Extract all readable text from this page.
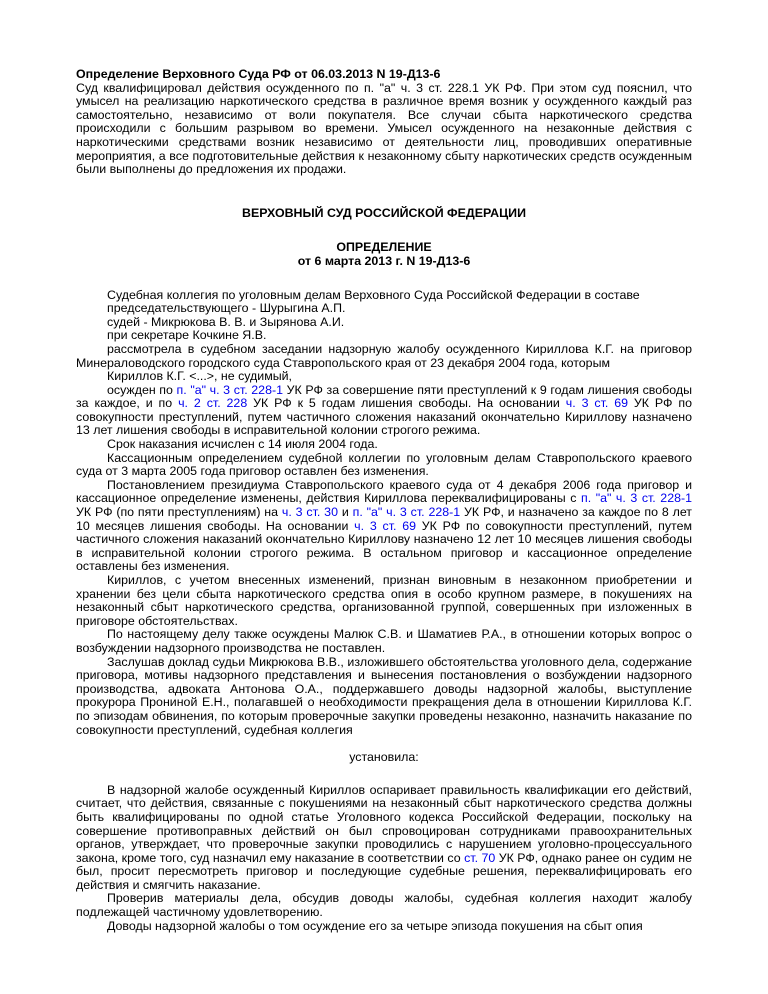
Определение Верховного Суда РФ от 06.03.2013 N 19-Д13-6

Суд квалифицировал действия осужденного по п. "а" ч. 3 ст. 228.1 УК РФ. При этом суд пояснил, что умысел на реализацию наркотического средства в различное время возник у осужденного каждый раз самостоятельно, независимо от воли покупателя. Все случаи сбыта наркотического средства происходили с большим разрывом во времени. Умысел осужденного на незаконные действия с наркотическими средствами возник независимо от деятельности лиц, проводивших оперативные мероприятия, а все подготовительные действия к незаконному сбыту наркотических средств осужденным были выполнены до предложения их продажи.

ВЕРХОВНЫЙ СУД РОССИЙСКОЙ ФЕДЕРАЦИИ

ОПРЕДЕЛЕНИЕ

от 6 марта 2013 г. N 19-Д13-6

Судебная коллегия по уголовным делам Верховного Суда Российской Федерации в составе

председательствующего - Шурыгина А.П.

судей - Микрюкова В. В. и Зырянова А.И.

при секретаре Кочкине Я.В.

рассмотрела в судебном заседании надзорную жалобу осужденного Кириллова К.Г. на приговор Минераловодского городского суда Ставропольского края от 23 декабря 2004 года, которым

Кириллов К.Г. <...>, не судимый,

осужден по п. "а" ч. 3 ст. 228-1 УК РФ за совершение пяти преступлений к 9 годам лишения свободы за каждое, и по ч. 2 ст. 228 УК РФ к 5 годам лишения свободы. На основании ч. 3 ст. 69 УК РФ по совокупности преступлений, путем частичного сложения наказаний окончательно Кириллову назначено 13 лет лишения свободы в исправительной колонии строгого режима.

Срок наказания исчислен с 14 июля 2004 года.

Кассационным определением судебной коллегии по уголовным делам Ставропольского краевого суда от 3 марта 2005 года приговор оставлен без изменения.

Постановлением президиума Ставропольского краевого суда от 4 декабря 2006 года приговор и кассационное определение изменены, действия Кириллова переквалифицированы с п. "а" ч. 3 ст. 228-1 УК РФ (по пяти преступлениям) на ч. 3 ст. 30 и п. "а" ч. 3 ст. 228-1 УК РФ, и назначено за каждое по 8 лет 10 месяцев лишения свободы. На основании ч. 3 ст. 69 УК РФ по совокупности преступлений, путем частичного сложения наказаний окончательно Кириллову назначено 12 лет 10 месяцев лишения свободы в исправительной колонии строгого режима. В остальном приговор и кассационное определение оставлены без изменения.

Кириллов, с учетом внесенных изменений, признан виновным в незаконном приобретении и хранении без цели сбыта наркотического средства опия в особо крупном размере, в покушениях на незаконный сбыт наркотического средства, организованной группой, совершенных при изложенных в приговоре обстоятельствах.

По настоящему делу также осуждены Малюк С.В. и Шаматиев Р.А., в отношении которых вопрос о возбуждении надзорного производства не поставлен.

Заслушав доклад судьи Микрюкова В.В., изложившего обстоятельства уголовного дела, содержание приговора, мотивы надзорного представления и вынесения постановления о возбуждении надзорного производства, адвоката Антонова О.А., поддержавшего доводы надзорной жалобы, выступление прокурора Прониной Е.Н., полагавшей о необходимости прекращения дела в отношении Кириллова К.Г. по эпизодам обвинения, по которым проверочные закупки проведены незаконно, назначить наказание по совокупности преступлений, судебная коллегия

установила:

В надзорной жалобе осужденный Кириллов оспаривает правильность квалификации его действий, считает, что действия, связанные с покушениями на незаконный сбыт наркотического средства должны быть квалифицированы по одной статье Уголовного кодекса Российской Федерации, поскольку на совершение противоправных действий он был спровоцирован сотрудниками правоохранительных органов, утверждает, что проверочные закупки проводились с нарушением уголовно-процессуального закона, кроме того, суд назначил ему наказание в соответствии со ст. 70 УК РФ, однако ранее он судим не был, просит пересмотреть приговор и последующие судебные решения, переквалифицировать его действия и смягчить наказание.

Проверив материалы дела, обсудив доводы жалобы, судебная коллегия находит жалобу подлежащей частичному удовлетворению.

Доводы надзорной жалобы о том осуждение его за четыре эпизода покушения на сбыт опия
